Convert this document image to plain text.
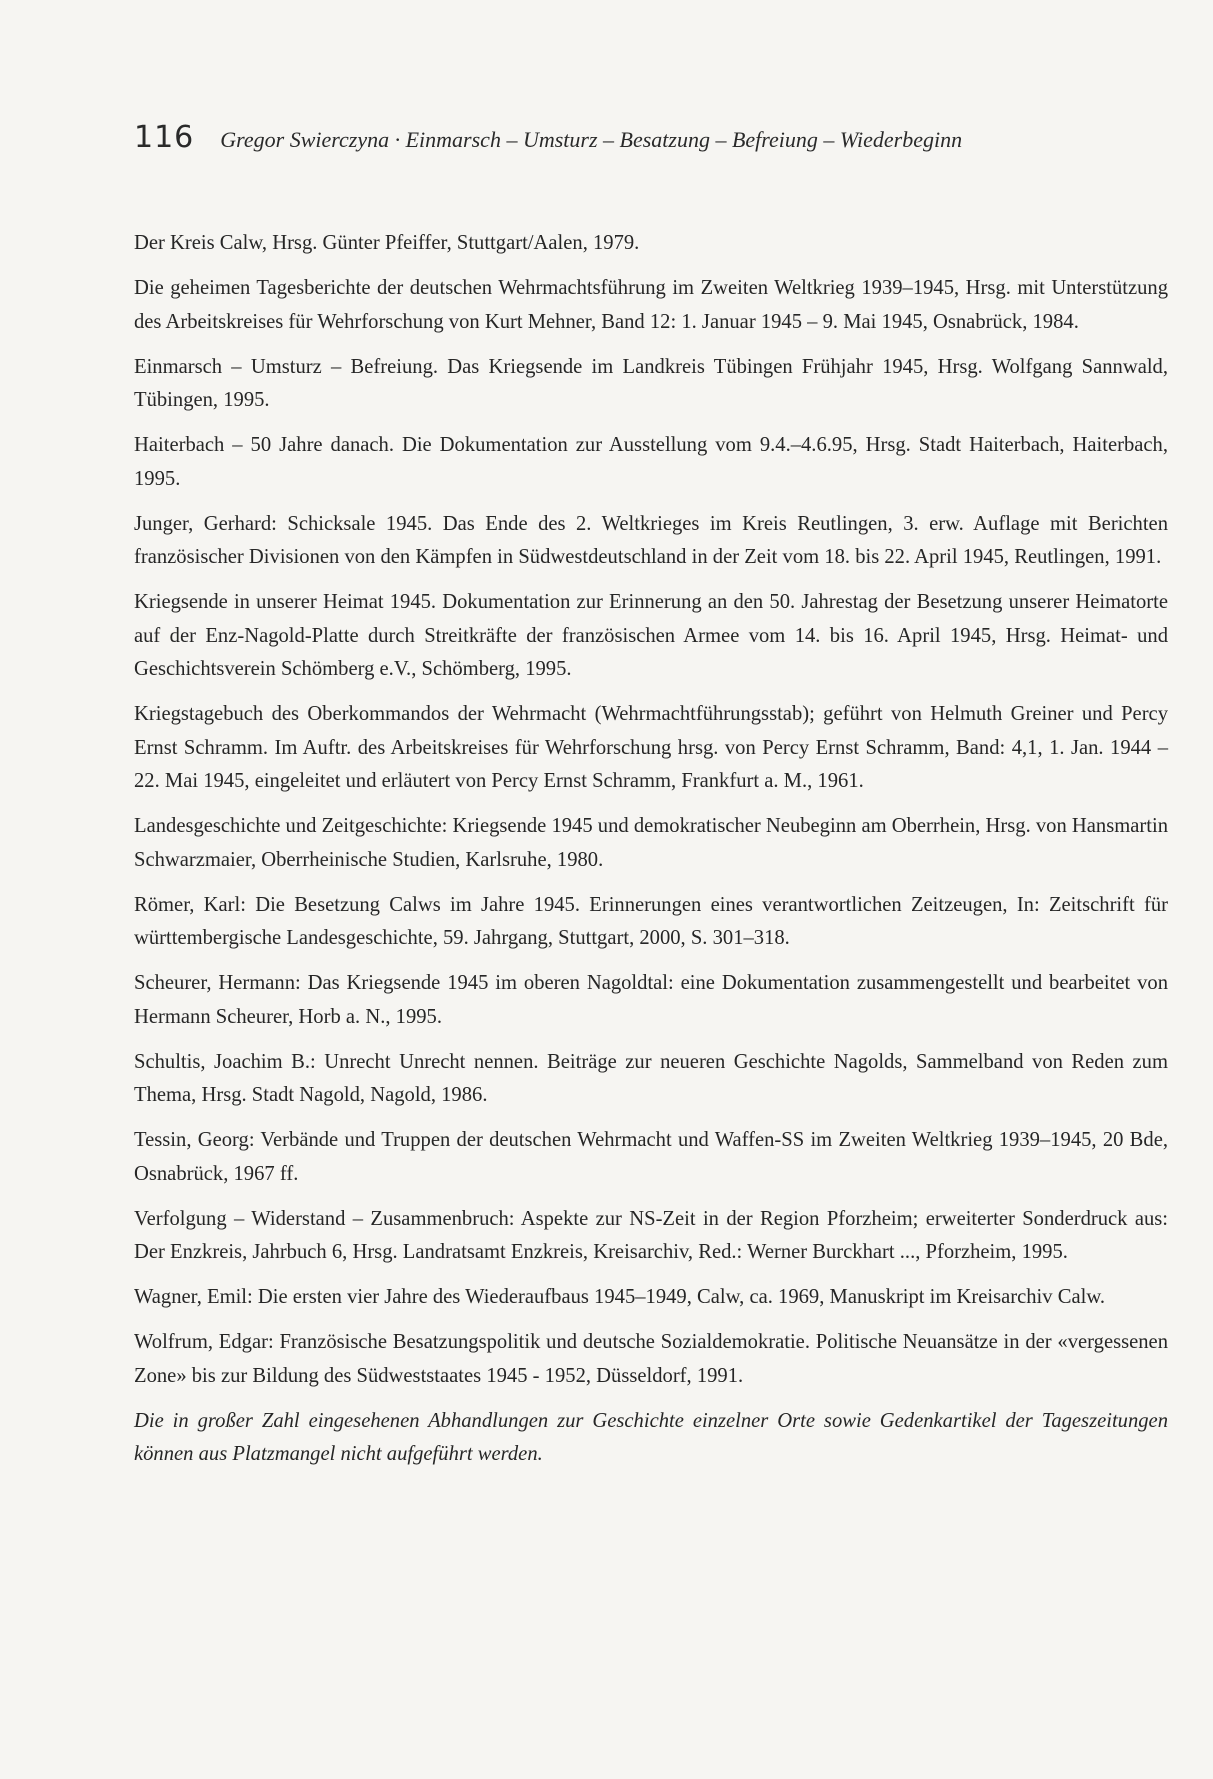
116 Gregor Swierczyna · Einmarsch – Umsturz – Besatzung – Befreiung – Wiederbeginn

Der Kreis Calw, Hrsg. Günter Pfeiffer, Stuttgart/Aalen, 1979.

Die geheimen Tagesberichte der deutschen Wehrmachtsführung im Zweiten Weltkrieg 1939–1945, Hrsg. mit Unterstützung des Arbeitskreises für Wehrforschung von Kurt Mehner, Band 12: 1. Januar 1945 – 9. Mai 1945, Osnabrück, 1984.

Einmarsch – Umsturz – Befreiung. Das Kriegsende im Landkreis Tübingen Frühjahr 1945, Hrsg. Wolfgang Sannwald, Tübingen, 1995.

Haiterbach – 50 Jahre danach. Die Dokumentation zur Ausstellung vom 9.4.–4.6.95, Hrsg. Stadt Haiterbach, Haiterbach, 1995.

Junger, Gerhard: Schicksale 1945. Das Ende des 2. Weltkrieges im Kreis Reutlingen, 3. erw. Auflage mit Berichten französischer Divisionen von den Kämpfen in Südwestdeutschland in der Zeit vom 18. bis 22. April 1945, Reutlingen, 1991.

Kriegsende in unserer Heimat 1945. Dokumentation zur Erinnerung an den 50. Jahrestag der Besetzung unserer Heimatorte auf der Enz-Nagold-Platte durch Streitkräfte der französischen Armee vom 14. bis 16. April 1945, Hrsg. Heimat- und Geschichtsverein Schömberg e.V., Schömberg, 1995.

Kriegstagebuch des Oberkommandos der Wehrmacht (Wehrmachtführungsstab); geführt von Helmuth Greiner und Percy Ernst Schramm. Im Auftr. des Arbeitskreises für Wehrforschung hrsg. von Percy Ernst Schramm, Band: 4,1, 1. Jan. 1944 – 22. Mai 1945, eingeleitet und erläutert von Percy Ernst Schramm, Frankfurt a. M., 1961.

Landesgeschichte und Zeitgeschichte: Kriegsende 1945 und demokratischer Neubeginn am Oberrhein, Hrsg. von Hansmartin Schwarzmaier, Oberrheinische Studien, Karlsruhe, 1980.

Römer, Karl: Die Besetzung Calws im Jahre 1945. Erinnerungen eines verantwortlichen Zeitzeugen, In: Zeitschrift für württembergische Landesgeschichte, 59. Jahrgang, Stuttgart, 2000, S. 301–318.

Scheurer, Hermann: Das Kriegsende 1945 im oberen Nagoldtal: eine Dokumentation zusammengestellt und bearbeitet von Hermann Scheurer, Horb a. N., 1995.

Schultis, Joachim B.: Unrecht Unrecht nennen. Beiträge zur neueren Geschichte Nagolds, Sammelband von Reden zum Thema, Hrsg. Stadt Nagold, Nagold, 1986.

Tessin, Georg: Verbände und Truppen der deutschen Wehrmacht und Waffen-SS im Zweiten Weltkrieg 1939–1945, 20 Bde, Osnabrück, 1967 ff.

Verfolgung – Widerstand – Zusammenbruch: Aspekte zur NS-Zeit in der Region Pforzheim; erweiterter Sonderdruck aus: Der Enzkreis, Jahrbuch 6, Hrsg. Landratsamt Enzkreis, Kreisarchiv, Red.: Werner Burckhart ..., Pforzheim, 1995.

Wagner, Emil: Die ersten vier Jahre des Wiederaufbaus 1945–1949, Calw, ca. 1969, Manuskript im Kreisarchiv Calw.

Wolfrum, Edgar: Französische Besatzungspolitik und deutsche Sozialdemokratie. Politische Neuansätze in der «vergessenen Zone» bis zur Bildung des Südweststaates 1945 - 1952, Düsseldorf, 1991.

Die in großer Zahl eingesehenen Abhandlungen zur Geschichte einzelner Orte sowie Gedenkartikel der Tageszeitungen können aus Platzmangel nicht aufgeführt werden.
